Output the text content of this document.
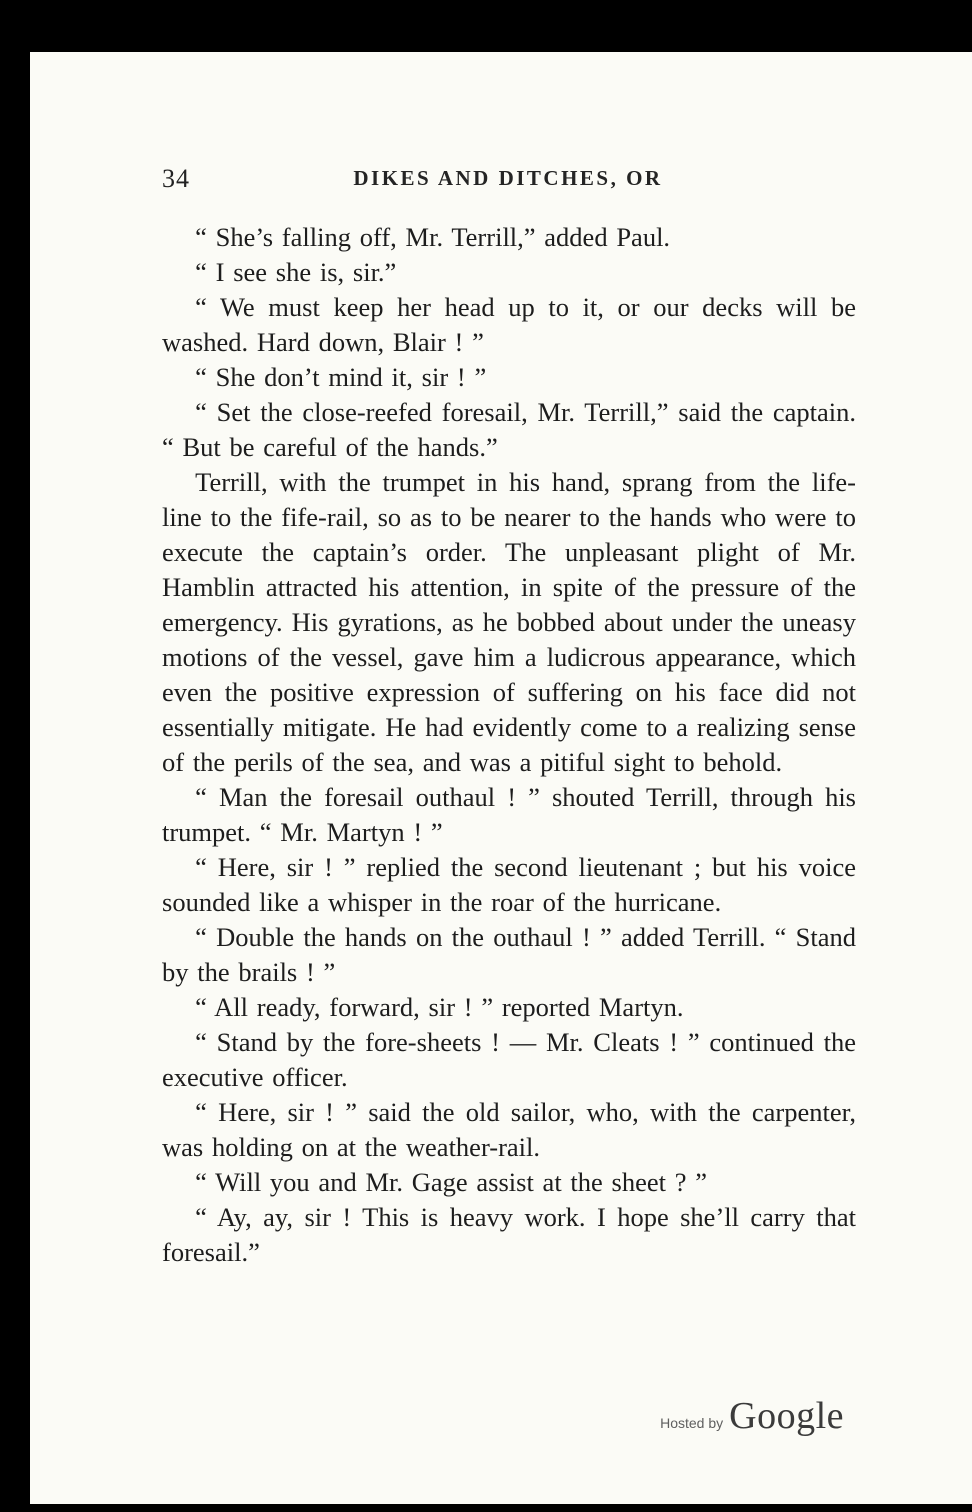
34	DIKES AND DITCHES, OR

“ She’s falling off, Mr. Terrill,” added Paul.

“ I see she is, sir.”

“ We must keep her head up to it, or our decks will be washed. Hard down, Blair ! ”

“ She don’t mind it, sir ! ”

“ Set the close-reefed foresail, Mr. Terrill,” said the captain. “ But be careful of the hands.”

Terrill, with the trumpet in his hand, sprang from the life-line to the fife-rail, so as to be nearer to the hands who were to execute the captain’s order. The unpleasant plight of Mr. Hamblin attracted his attention, in spite of the pressure of the emergency. His gyrations, as he bobbed about under the uneasy motions of the vessel, gave him a ludicrous appearance, which even the positive expression of suffering on his face did not essentially mitigate. He had evidently come to a realizing sense of the perils of the sea, and was a pitiful sight to behold.

“ Man the foresail outhaul ! ” shouted Terrill, through his trumpet. “ Mr. Martyn ! ”

“ Here, sir ! ” replied the second lieutenant ; but his voice sounded like a whisper in the roar of the hurricane.

“ Double the hands on the outhaul ! ” added Terrill. “ Stand by the brails ! ”

“ All ready, forward, sir ! ” reported Martyn.

“ Stand by the fore-sheets ! — Mr. Cleats ! ” continued the executive officer.

“ Here, sir ! ” said the old sailor, who, with the carpenter, was holding on at the weather-rail.

“ Will you and Mr. Gage assist at the sheet ? ”

“ Ay, ay, sir ! This is heavy work. I hope she’ll carry that foresail.”

Hosted by Google
